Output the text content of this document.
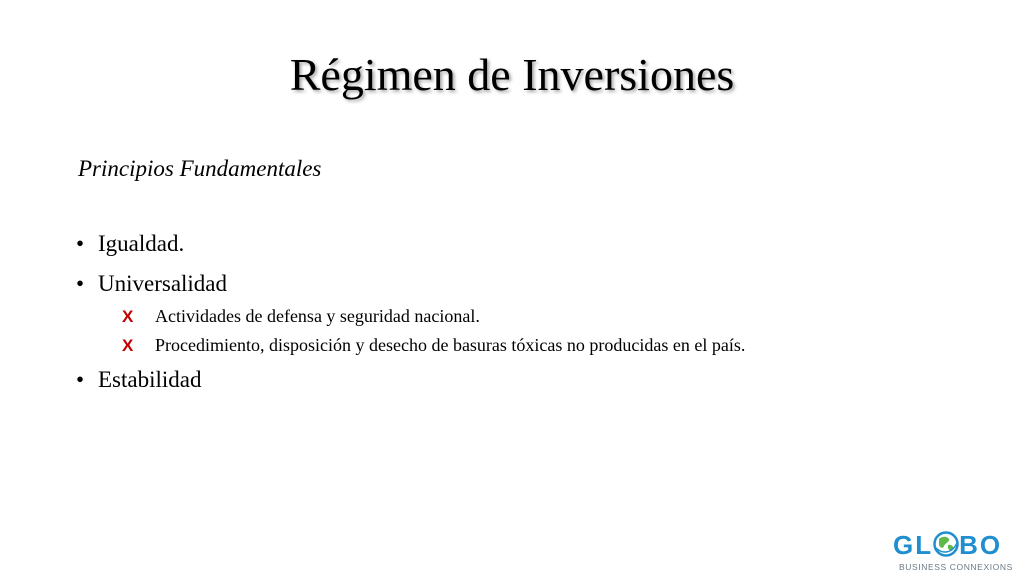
Régimen de Inversiones

Principios Fundamentales

• Igualdad.
• Universalidad
X Actividades de defensa y seguridad nacional.
X Procedimiento, disposición y desecho de basuras tóxicas no producidas en el país.
• Estabilidad
GL BO
BUSINESS CONNEXIONS
